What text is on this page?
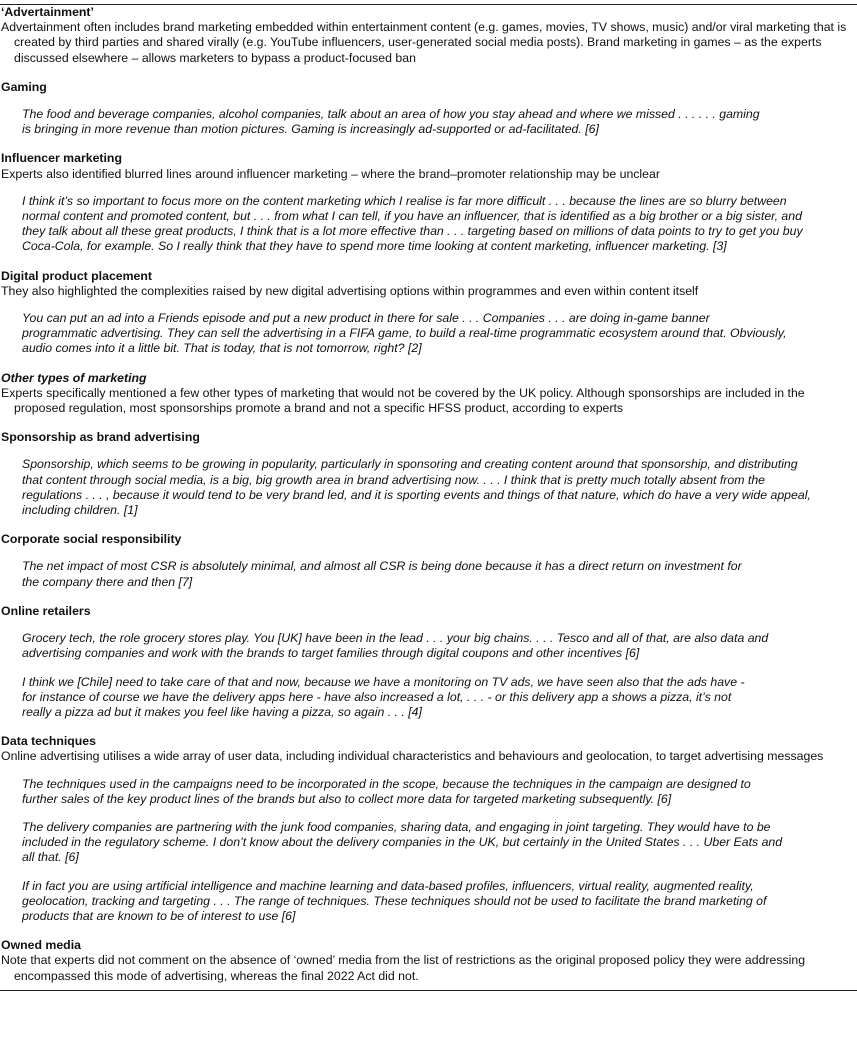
‘Advertainment’

Advertainment often includes brand marketing embedded within entertainment content (e.g. games, movies, TV shows, music) and/or viral marketing that is created by third parties and shared virally (e.g. YouTube influencers, user-generated social media posts). Brand marketing in games – as the experts discussed elsewhere – allows marketers to bypass a product-focused ban

Gaming

The food and beverage companies, alcohol companies, talk about an area of how you stay ahead and where we missed . . . . . . gaming is bringing in more revenue than motion pictures. Gaming is increasingly ad-supported or ad-facilitated. [6]

Influencer marketing

Experts also identified blurred lines around influencer marketing – where the brand–promoter relationship may be unclear

I think it’s so important to focus more on the content marketing which I realise is far more difficult . . . because the lines are so blurry between normal content and promoted content, but . . . from what I can tell, if you have an influencer, that is identified as a big brother or a big sister, and they talk about all these great products, I think that is a lot more effective than . . . targeting based on millions of data points to try to get you buy Coca-Cola, for example. So I really think that they have to spend more time looking at content marketing, influencer marketing. [3]

Digital product placement

They also highlighted the complexities raised by new digital advertising options within programmes and even within content itself

You can put an ad into a Friends episode and put a new product in there for sale . . . Companies . . . are doing in-game banner programmatic advertising. They can sell the advertising in a FIFA game, to build a real-time programmatic ecosystem around that. Obviously, audio comes into it a little bit. That is today, that is not tomorrow, right? [2]

Other types of marketing

Experts specifically mentioned a few other types of marketing that would not be covered by the UK policy. Although sponsorships are included in the proposed regulation, most sponsorships promote a brand and not a specific HFSS product, according to experts

Sponsorship as brand advertising

Sponsorship, which seems to be growing in popularity, particularly in sponsoring and creating content around that sponsorship, and distributing that content through social media, is a big, big growth area in brand advertising now. . . . I think that is pretty much totally absent from the regulations . . . , because it would tend to be very brand led, and it is sporting events and things of that nature, which do have a very wide appeal, including children. [1]

Corporate social responsibility

The net impact of most CSR is absolutely minimal, and almost all CSR is being done because it has a direct return on investment for the company there and then [7]

Online retailers

Grocery tech, the role grocery stores play. You [UK] have been in the lead . . . your big chains. . . . Tesco and all of that, are also data and advertising companies and work with the brands to target families through digital coupons and other incentives [6]

I think we [Chile] need to take care of that and now, because we have a monitoring on TV ads, we have seen also that the ads have - for instance of course we have the delivery apps here - have also increased a lot, . . . - or this delivery app a shows a pizza, it’s not really a pizza ad but it makes you feel like having a pizza, so again . . . [4]

Data techniques

Online advertising utilises a wide array of user data, including individual characteristics and behaviours and geolocation, to target advertising messages

The techniques used in the campaigns need to be incorporated in the scope, because the techniques in the campaign are designed to further sales of the key product lines of the brands but also to collect more data for targeted marketing subsequently. [6]

The delivery companies are partnering with the junk food companies, sharing data, and engaging in joint targeting. They would have to be included in the regulatory scheme. I don’t know about the delivery companies in the UK, but certainly in the United States . . . Uber Eats and all that. [6]

If in fact you are using artificial intelligence and machine learning and data-based profiles, influencers, virtual reality, augmented reality, geolocation, tracking and targeting . . . The range of techniques. These techniques should not be used to facilitate the brand marketing of products that are known to be of interest to use [6]

Owned media

Note that experts did not comment on the absence of ‘owned’ media from the list of restrictions as the original proposed policy they were addressing encompassed this mode of advertising, whereas the final 2022 Act did not.
